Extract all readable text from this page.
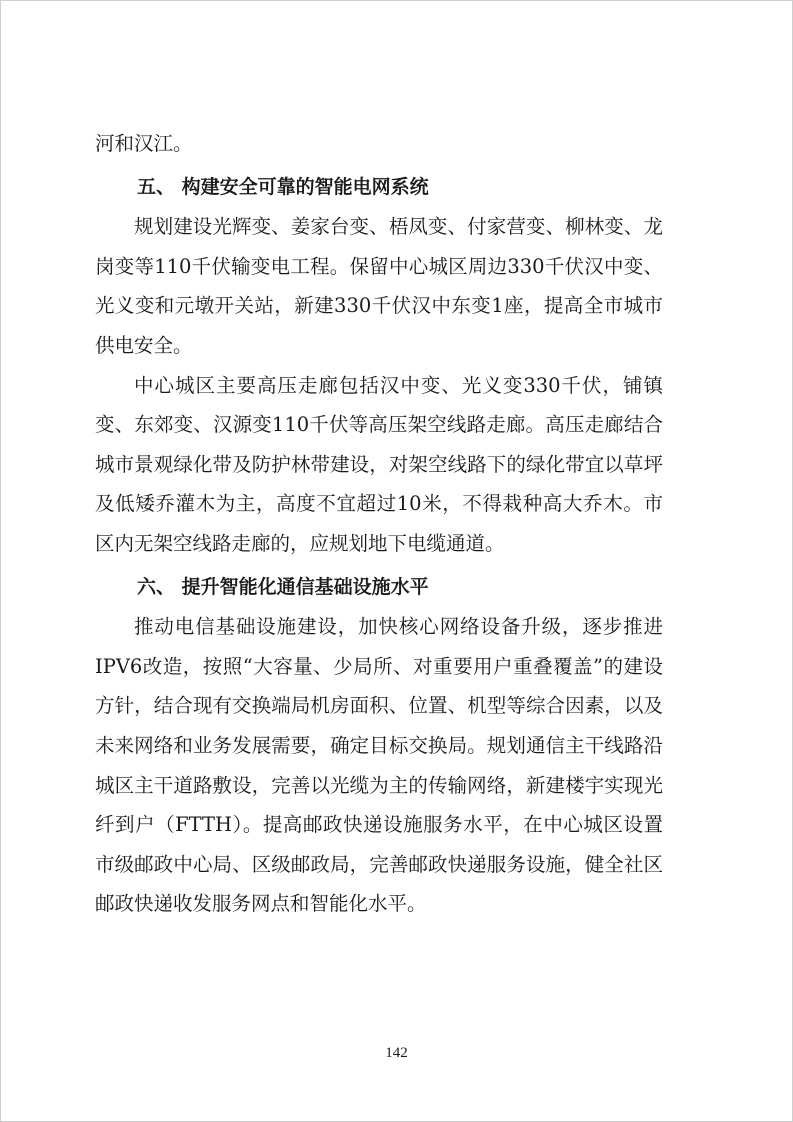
河和汉江。

五、 构建安全可靠的智能电网系统

规划建设光辉变、姜家台变、梧凤变、付家营变、柳林变、龙岗变等110千伏输变电工程。保留中心城区周边330千伏汉中变、光义变和元墩开关站，新建330千伏汉中东变1座，提高全市城市供电安全。

中心城区主要高压走廊包括汉中变、光义变330千伏，铺镇变、东郊变、汉源变110千伏等高压架空线路走廊。高压走廊结合城市景观绿化带及防护林带建设，对架空线路下的绿化带宜以草坪及低矮乔灌木为主，高度不宜超过10米，不得栽种高大乔木。市区内无架空线路走廊的，应规划地下电缆通道。

六、 提升智能化通信基础设施水平

推动电信基础设施建设，加快核心网络设备升级，逐步推进IPV6改造，按照“大容量、少局所、对重要用户重叠覆盖”的建设方针，结合现有交换端局机房面积、位置、机型等综合因素，以及未来网络和业务发展需要，确定目标交换局。规划通信主干线路沿城区主干道路敷设，完善以光缆为主的传输网络，新建楼宇实现光纤到户（FTTH）。提高邮政快递设施服务水平，在中心城区设置市级邮政中心局、区级邮政局，完善邮政快递服务设施，健全社区邮政快递收发服务网点和智能化水平。

142
